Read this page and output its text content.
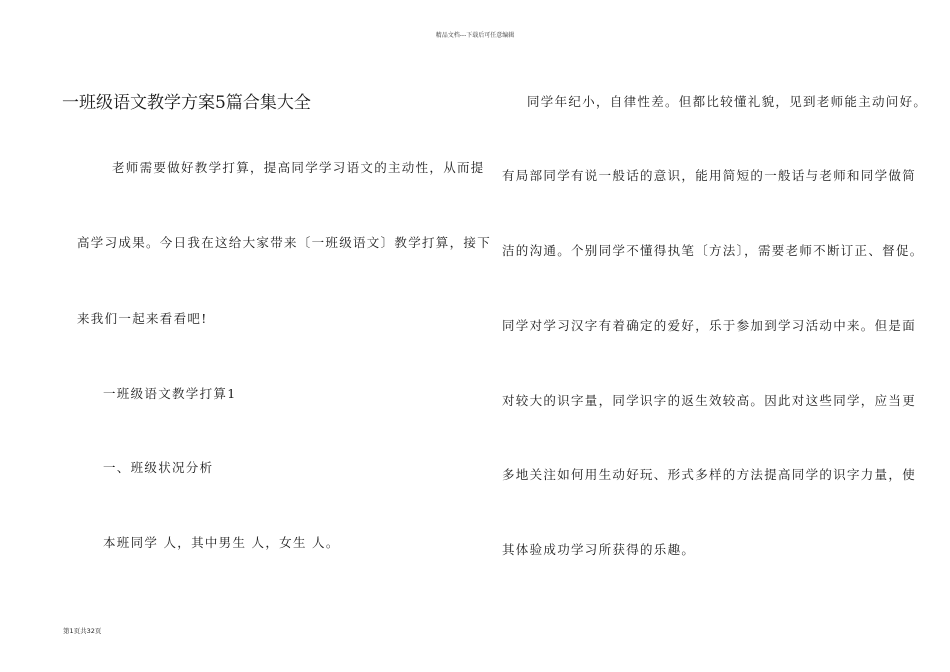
精品文档---下载后可任意编辑
一班级语文教学方案5篇合集大全

老师需要做好教学打算，提高同学学习语文的主动性，从而提

高学习成果。今日我在这给大家带来〔一班级语文〕教学打算，接下

来我们一起来看看吧!

一班级语文教学打算1

一、班级状况分析

本班同学 人，其中男生 人，女生 人。

同学年纪小，自律性差。但都比较懂礼貌，见到老师能主动问好。

有局部同学有说一般话的意识，能用简短的一般话与老师和同学做简

洁的沟通。个别同学不懂得执笔〔方法〕，需要老师不断订正、督促。

同学对学习汉字有着确定的爱好，乐于参加到学习活动中来。但是面

对较大的识字量，同学识字的返生效较高。因此对这些同学，应当更

多地关注如何用生动好玩、形式多样的方法提高同学的识字力量，使

其体验成功学习所获得的乐趣。

第1页共32页
